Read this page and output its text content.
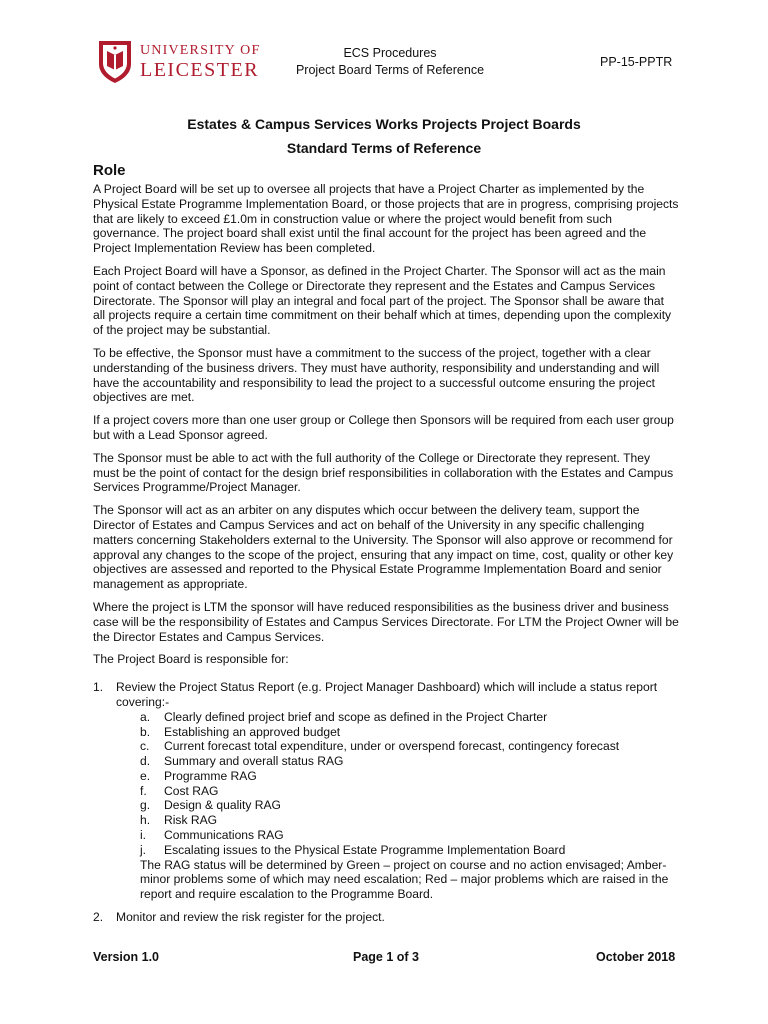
UNIVERSITY OF
LEICESTER
ECS Procedures
Project Board Terms of Reference
PP-15-PPTR
Estates & Campus Services Works Projects Project Boards
Standard Terms of Reference
Role

A Project Board will be set up to oversee all projects that have a Project Charter as implemented by the Physical Estate Programme Implementation Board, or those projects that are in progress, comprising projects that are likely to exceed £1.0m in construction value or where the project would benefit from such governance. The project board shall exist until the final account for the project has been agreed and the Project Implementation Review has been completed.

Each Project Board will have a Sponsor, as defined in the Project Charter. The Sponsor will act as the main point of contact between the College or Directorate they represent and the Estates and Campus Services Directorate. The Sponsor will play an integral and focal part of the project. The Sponsor shall be aware that all projects require a certain time commitment on their behalf which at times, depending upon the complexity of the project may be substantial.

To be effective, the Sponsor must have a commitment to the success of the project, together with a clear understanding of the business drivers. They must have authority, responsibility and understanding and will have the accountability and responsibility to lead the project to a successful outcome ensuring the project objectives are met.

If a project covers more than one user group or College then Sponsors will be required from each user group but with a Lead Sponsor agreed.

The Sponsor must be able to act with the full authority of the College or Directorate they represent. They must be the point of contact for the design brief responsibilities in collaboration with the Estates and Campus Services Programme/Project Manager.

The Sponsor will act as an arbiter on any disputes which occur between the delivery team, support the Director of Estates and Campus Services and act on behalf of the University in any specific challenging matters concerning Stakeholders external to the University. The Sponsor will also approve or recommend for approval any changes to the scope of the project, ensuring that any impact on time, cost, quality or other key objectives are assessed and reported to the Physical Estate Programme Implementation Board and senior management as appropriate.

Where the project is LTM the sponsor will have reduced responsibilities as the business driver and business case will be the responsibility of Estates and Campus Services Directorate. For LTM the Project Owner will be the Director Estates and Campus Services.

The Project Board is responsible for:

1. Review the Project Status Report (e.g. Project Manager Dashboard) which will include a status report covering:-
a. Clearly defined project brief and scope as defined in the Project Charter
b. Establishing an approved budget
c. Current forecast total expenditure, under or overspend forecast, contingency forecast
d. Summary and overall status RAG
e. Programme RAG
f. Cost RAG
g. Design & quality RAG
h. Risk RAG
i. Communications RAG
j. Escalating issues to the Physical Estate Programme Implementation Board
The RAG status will be determined by Green – project on course and no action envisaged; Amber- minor problems some of which may need escalation; Red – major problems which are raised in the report and require escalation to the Programme Board.
2. Monitor and review the risk register for the project.
Version 1.0	Page 1 of 3	October 2018
